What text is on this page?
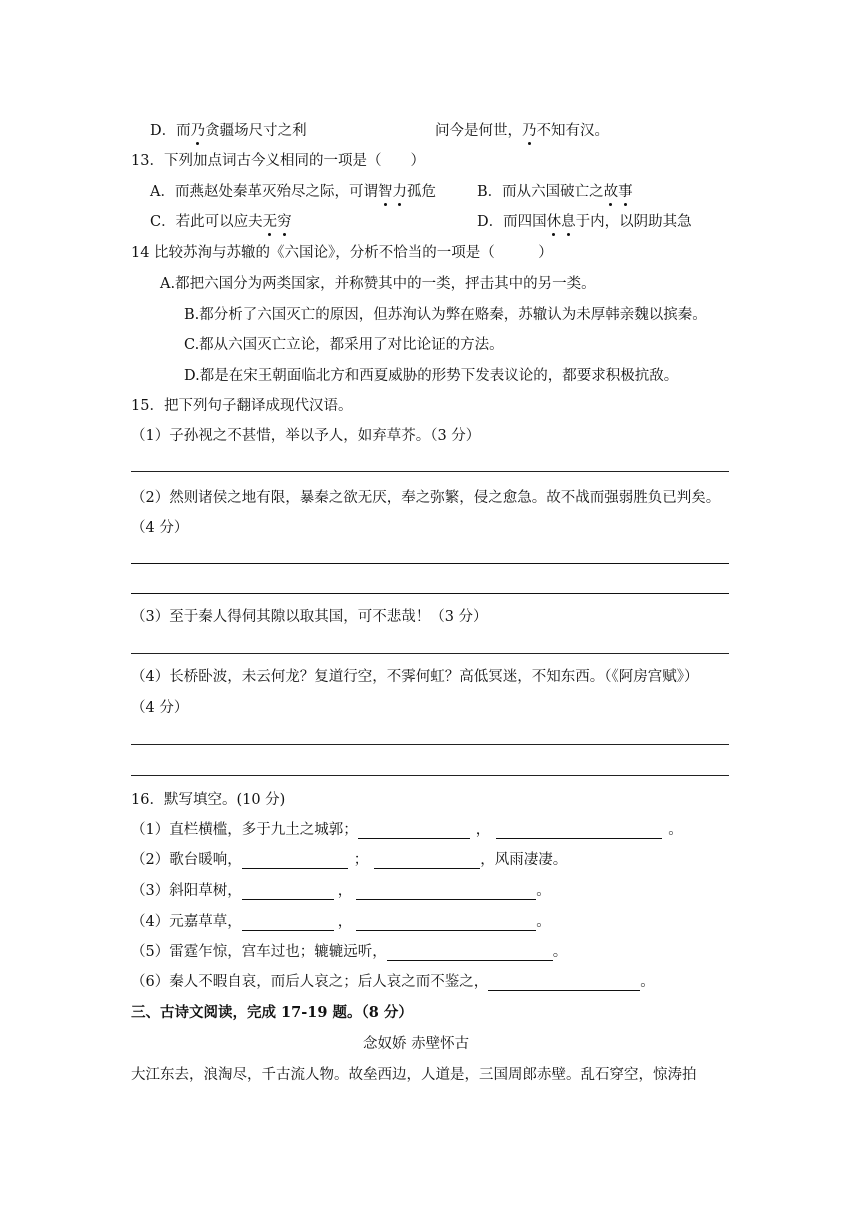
D．而乃贪疆场尺寸之利	问今是何世，乃不知有汉。
13．下列加点词古今义相同的一项是（　　）
A．而燕赵处秦革灭殆尽之际，可谓智力孤危	B．而从六国破亡之故事
C．若此可以应夫无穷	D．而四国休息于内，以阴助其急
14 比较苏洵与苏辙的《六国论》，分析不恰当的一项是（　　　）
A.都把六国分为两类国家，并称赞其中的一类，抨击其中的另一类。
B.都分析了六国灭亡的原因，但苏洵认为弊在赂秦，苏辙认为未厚韩亲魏以摈秦。
C.都从六国灭亡立论，都采用了对比论证的方法。
D.都是在宋王朝面临北方和西夏威胁的形势下发表议论的，都要求积极抗敌。
15．把下列句子翻译成现代汉语。
（1）子孙视之不甚惜，举以予人，如弃草芥。（3 分）
（2）然则诸侯之地有限，暴秦之欲无厌，奉之弥繁，侵之愈急。故不战而强弱胜负已判矣。
（4 分）
（3）至于秦人得伺其隙以取其国，可不悲哉！（3 分）
（4）长桥卧波，未云何龙？复道行空，不霁何虹？高低冥迷，不知东西。（《阿房宫赋》）
（4 分）
16．默写填空。(10 分)
（1）直栏横槛，多于九土之城郭；	，	。
（2）歌台暖响，	；	，风雨凄凄。
（3）斜阳草树，	，	。
（4）元嘉草草，	，	。
（5）雷霆乍惊，宫车过也；辘辘远听，	。
（6）秦人不暇自哀，而后人哀之；后人哀之而不鉴之，	。
三、古诗文阅读，完成 17-19 题。（8 分）
念奴娇 赤壁怀古
大江东去，浪淘尽，千古流人物。故垒西边，人道是，三国周郎赤壁。乱石穿空，惊涛拍
